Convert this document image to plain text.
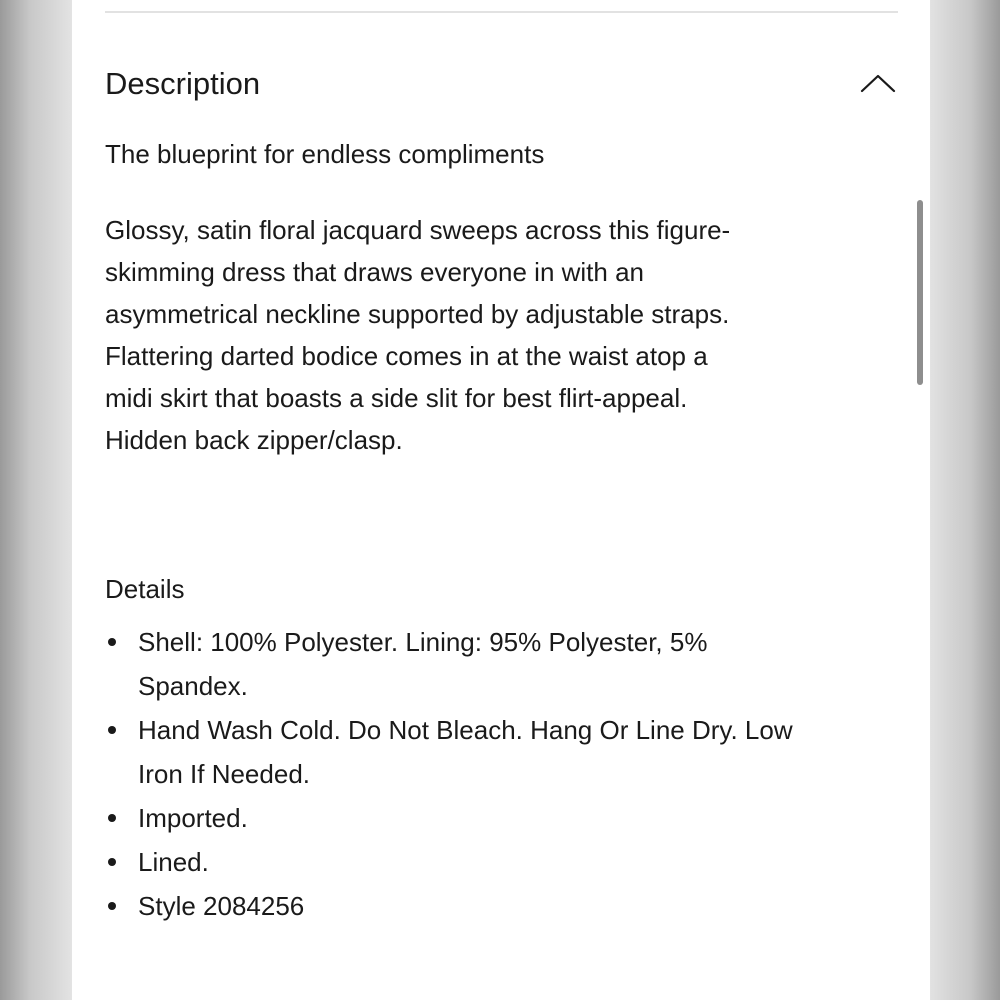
Description
The blueprint for endless compliments

Glossy, satin floral jacquard sweeps across this figure-
skimming dress that draws everyone in with an
asymmetrical neckline supported by adjustable straps.
Flattering darted bodice comes in at the waist atop a
midi skirt that boasts a side slit for best flirt-appeal.
Hidden back zipper/clasp.

Details
Shell: 100% Polyester. Lining: 95% Polyester, 5%
Spandex.
Hand Wash Cold. Do Not Bleach. Hang Or Line Dry. Low
Iron If Needed.
Imported.
Lined.
Style 2084256
